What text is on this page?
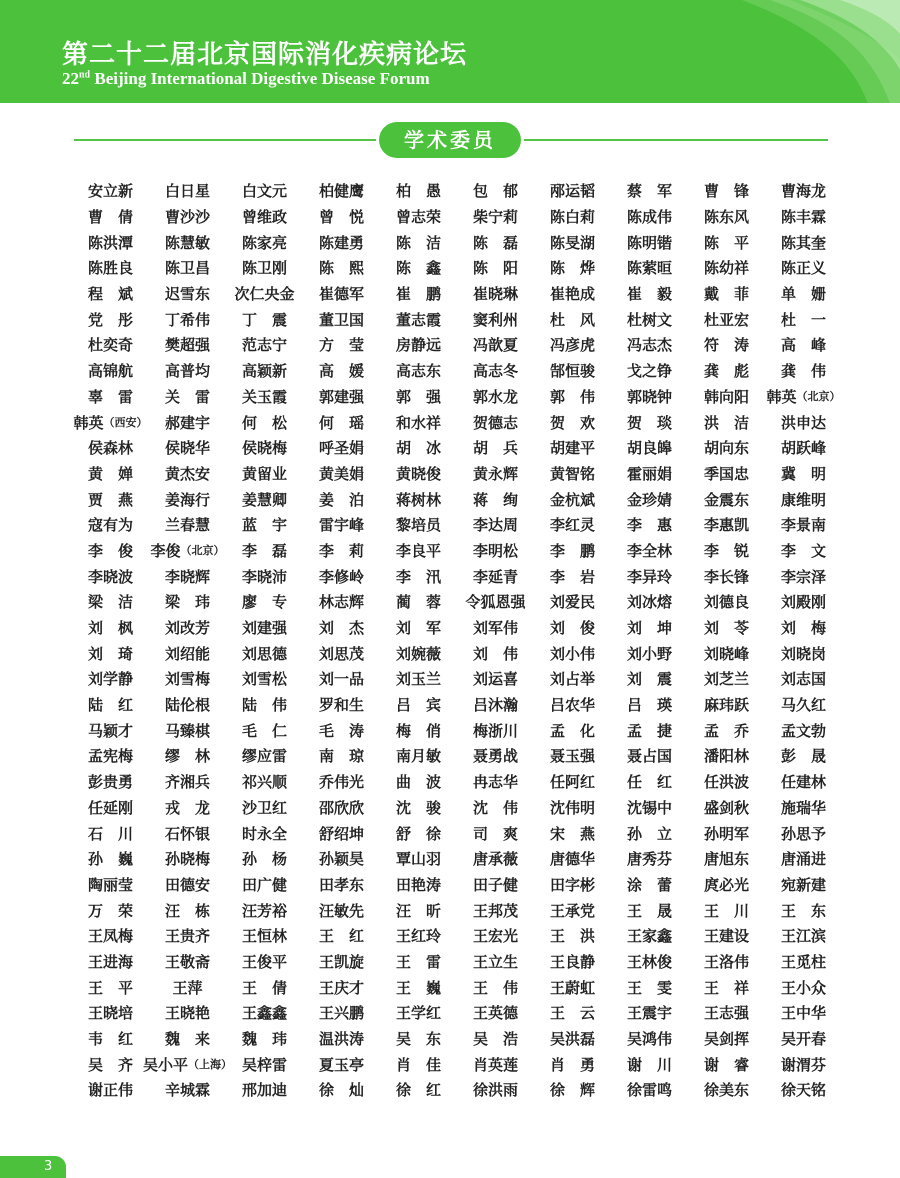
第二十二届北京国际消化疾病论坛
22nd Beijing International Digestive Disease Forum
学术委员
安立新 白日星 白文元 柏健鹰 柏　愚 包　郁 邴运韬 蔡　军 曹　锋 曹海龙
曹　倩 曹沙沙 曾维政 曾　悦 曾志荣 柴宁莉 陈白莉 陈成伟 陈东风 陈丰霖
陈洪潭 陈慧敏 陈家亮 陈建勇 陈　洁 陈　磊 陈旻湖 陈明锴 陈　平 陈其奎
陈胜良 陈卫昌 陈卫刚 陈　熙 陈　鑫 陈　阳 陈　烨 陈萦晅 陈幼祥 陈正义
程　斌 迟雪东 次仁央金 崔德军 崔　鹏 崔晓琳 崔艳成 崔　毅 戴　菲 单　姗
党　彤 丁希伟 丁　震 董卫国 董志霞 窦利州 杜　风 杜树文 杜亚宏 杜　一
杜奕奇 樊超强 范志宁 方　莹 房静远 冯歆夏 冯彦虎 冯志杰 符　涛 高　峰
高锦航 高普均 高颖新 高　媛 高志东 高志冬 郜恒骏 戈之铮 龚　彪 龚　伟
辜　雷 关　雷 关玉霞 郭建强 郭　强 郭水龙 郭　伟 郭晓钟 韩向阳 韩英 （北京）
韩英 （西安） 郝建宇 何　松 何　瑶 和水祥 贺德志 贺　欢 贺　琰 洪　洁 洪申达
侯森林 侯晓华 侯晓梅 呼圣娟 胡　冰 胡　兵 胡建平 胡良皞 胡向东 胡跃峰
黄　婵 黄杰安 黄留业 黄美娟 黄晓俊 黄永辉 黄智铭 霍丽娟 季国忠 冀　明
贾　燕 姜海行 姜慧卿 姜　泊 蒋树林 蒋　绚 金杭斌 金珍婧 金震东 康维明
寇有为 兰春慧 蓝　宇 雷宇峰 黎培员 李达周 李红灵 李　惠 李惠凯 李景南
李　俊 李俊 （北京） 李　磊 李　莉 李良平 李明松 李　鹏 李全林 李　锐 李　文
李晓波 李晓辉 李晓沛 李修岭 李　汛 李延青 李　岩 李异玲 李长锋 李宗泽
梁　洁 梁　玮 廖　专 林志辉 蔺　蓉 令狐恩强 刘爱民 刘冰熔 刘德良 刘殿刚
刘　枫 刘改芳 刘建强 刘　杰 刘　军 刘军伟 刘　俊 刘　坤 刘　苓 刘　梅
刘　琦 刘绍能 刘思德 刘思茂 刘婉薇 刘　伟 刘小伟 刘小野 刘晓峰 刘晓岗
刘学静 刘雪梅 刘雪松 刘一品 刘玉兰 刘运喜 刘占举 刘　震 刘芝兰 刘志国
陆　红 陆伦根 陆　伟 罗和生 吕　宾 吕沐瀚 吕农华 吕　瑛 麻玮跃 马久红
马颖才 马臻棋 毛　仁 毛　涛 梅　俏 梅浙川 孟　化 孟　捷 孟　乔 孟文勃
孟宪梅 缪　林 缪应雷 南　琼 南月敏 聂勇战 聂玉强 聂占国 潘阳林 彭　晟
彭贵勇 齐湘兵 祁兴顺 乔伟光 曲　波 冉志华 任阿红 任　红 任洪波 任建林
任延刚 戎　龙 沙卫红 邵欣欣 沈　骏 沈　伟 沈伟明 沈锡中 盛剑秋 施瑞华
石　川 石怀银 时永全 舒绍坤 舒　徐 司　爽 宋　燕 孙　立 孙明军 孙思予
孙　巍 孙晓梅 孙　杨 孙颖昊 覃山羽 唐承薇 唐德华 唐秀芬 唐旭东 唐涌进
陶丽莹 田德安 田广健 田孝东 田艳涛 田子健 田字彬 涂　蕾 庹必光 宛新建
万　荣 汪　栋 汪芳裕 汪敏先 汪　昕 王邦茂 王承党 王　晟 王　川 王　东
王凤梅 王贵齐 王恒林 王　红 王红玲 王宏光 王　洪 王家鑫 王建设 王江滨
王进海 王敬斋 王俊平 王凯旋 王　雷 王立生 王良静 王林俊 王洛伟 王觅柱
王　平	王萍	王　倩 王庆才 王　巍 王　伟 王蔚虹 王　雯 王　祥 王小众
王晓培 王晓艳 王鑫鑫 王兴鹏 王学红 王英德 王　云 王震宇 王志强 王中华
韦　红 魏　来 魏　玮 温洪涛 吴　东 吴　浩 吴洪磊 吴鸿伟 吴剑挥 吴开春
吴　齐 吴小平 （上海） 吴梓雷 夏玉亭 肖　佳 肖英莲 肖　勇 谢　川 谢　睿 谢渭芬
谢正伟 辛城霖 邢加迪 徐　灿 徐　红 徐洪雨 徐　辉 徐雷鸣 徐美东 徐天铭
3
